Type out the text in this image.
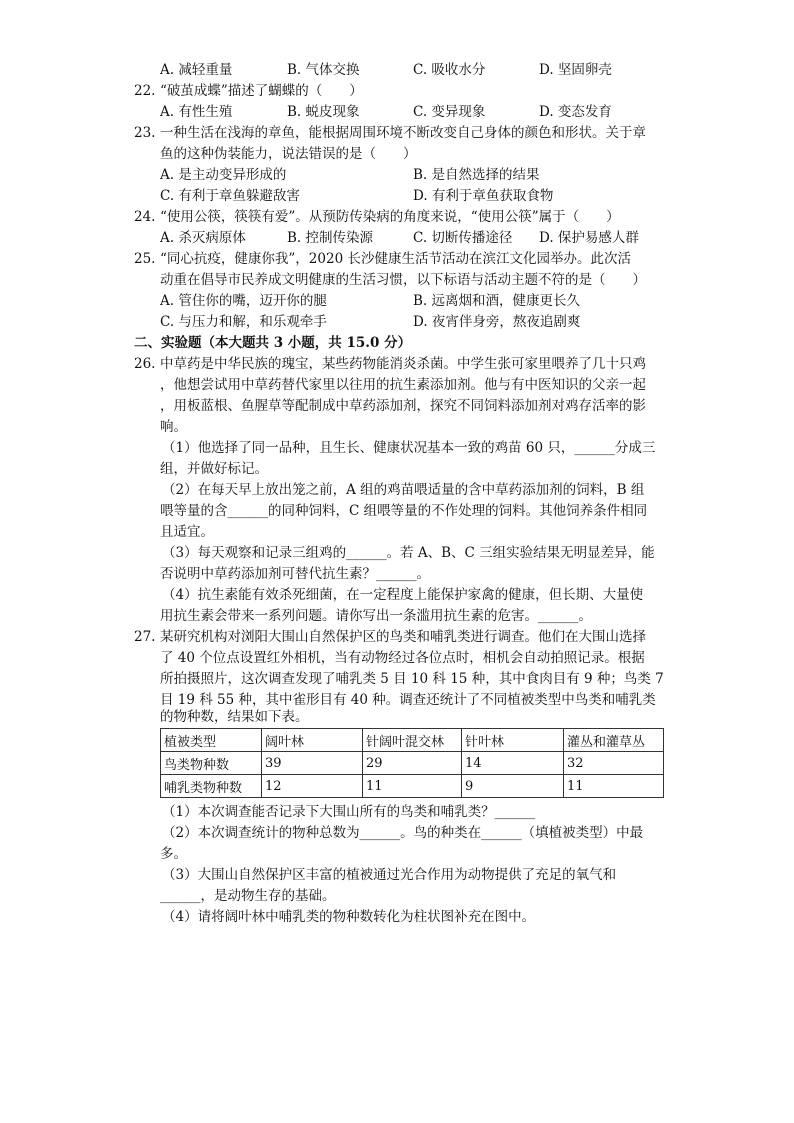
A. 减轻重量	B. 气体交换	C. 吸收水分	D. 坚固卵壳
22. “破茧成蝶”描述了蝴蝶的（　　）
A. 有性生殖	B. 蜕皮现象	C. 变异现象	D. 变态发育
23. 一种生活在浅海的章鱼，能根据周围环境不断改变自己身体的颜色和形状。关于章
鱼的这种伪装能力，说法错误的是（　　）
A. 是主动变异形成的	B. 是自然选择的结果
C. 有利于章鱼躲避敌害	D. 有利于章鱼获取食物
24. “使用公筷，筷筷有爱”。从预防传染病的角度来说，“使用公筷”属于（　　）
A. 杀灭病原体	B. 控制传染源	C. 切断传播途径 D. 保护易感人群
25. “同心抗疫，健康你我”，2020 长沙健康生活节活动在滨江文化园举办。此次活
动重在倡导市民养成文明健康的生活习惯，以下标语与活动主题不符的是（　　）
A. 管住你的嘴，迈开你的腿	B. 远离烟和酒，健康更长久
C. 与压力和解，和乐观牵手	D. 夜宵伴身旁，熬夜追剧爽
二、实验题（本大题共 3 小题，共 15.0 分）
26. 中草药是中华民族的瑰宝，某些药物能消炎杀菌。中学生张可家里喂养了几十只鸡
，他想尝试用中草药替代家里以往用的抗生素添加剂。他与有中医知识的父亲一起
，用板蓝根、鱼腥草等配制成中草药添加剂，探究不同饲料添加剂对鸡存活率的影
响。
（1）他选择了同一品种，且生长、健康状况基本一致的鸡苗 60 只，______分成三
组，并做好标记。
（2）在每天早上放出笼之前，A 组的鸡苗喂适量的含中草药添加剂的饲料，B 组
喂等量的含______的同种饲料，C 组喂等量的不作处理的饲料。其他饲养条件相同
且适宜。
（3）每天观察和记录三组鸡的______。若 A、B、C 三组实验结果无明显差异，能
否说明中草药添加剂可替代抗生素？______。
（4）抗生素能有效杀死细菌，在一定程度上能保护家禽的健康，但长期、大量使
用抗生素会带来一系列问题。请你写出一条滥用抗生素的危害。______。
27. 某研究机构对浏阳大围山自然保护区的鸟类和哺乳类进行调查。他们在大围山选择
了 40 个位点设置红外相机，当有动物经过各位点时，相机会自动拍照记录。根据
所拍摄照片，这次调查发现了哺乳类 5 目 10 科 15 种，其中食肉目有 9 种；鸟类 7
目 19 科 55 种，其中雀形目有 40 种。调查还统计了不同植被类型中鸟类和哺乳类
的物种数，结果如下表。
植被类型	阔叶林	针阔叶混交林	针叶林	灌丛和灌草丛
鸟类物种数	39	29	14	32
哺乳类物种数	12	11	9	11
（1）本次调查能否记录下大围山所有的鸟类和哺乳类？______
（2）本次调查统计的物种总数为______。鸟的种类在______（填植被类型）中最
多。
（3）大围山自然保护区丰富的植被通过光合作用为动物提供了充足的氧气和
______，是动物生存的基础。
（4）请将阔叶林中哺乳类的物种数转化为柱状图补充在图中。
